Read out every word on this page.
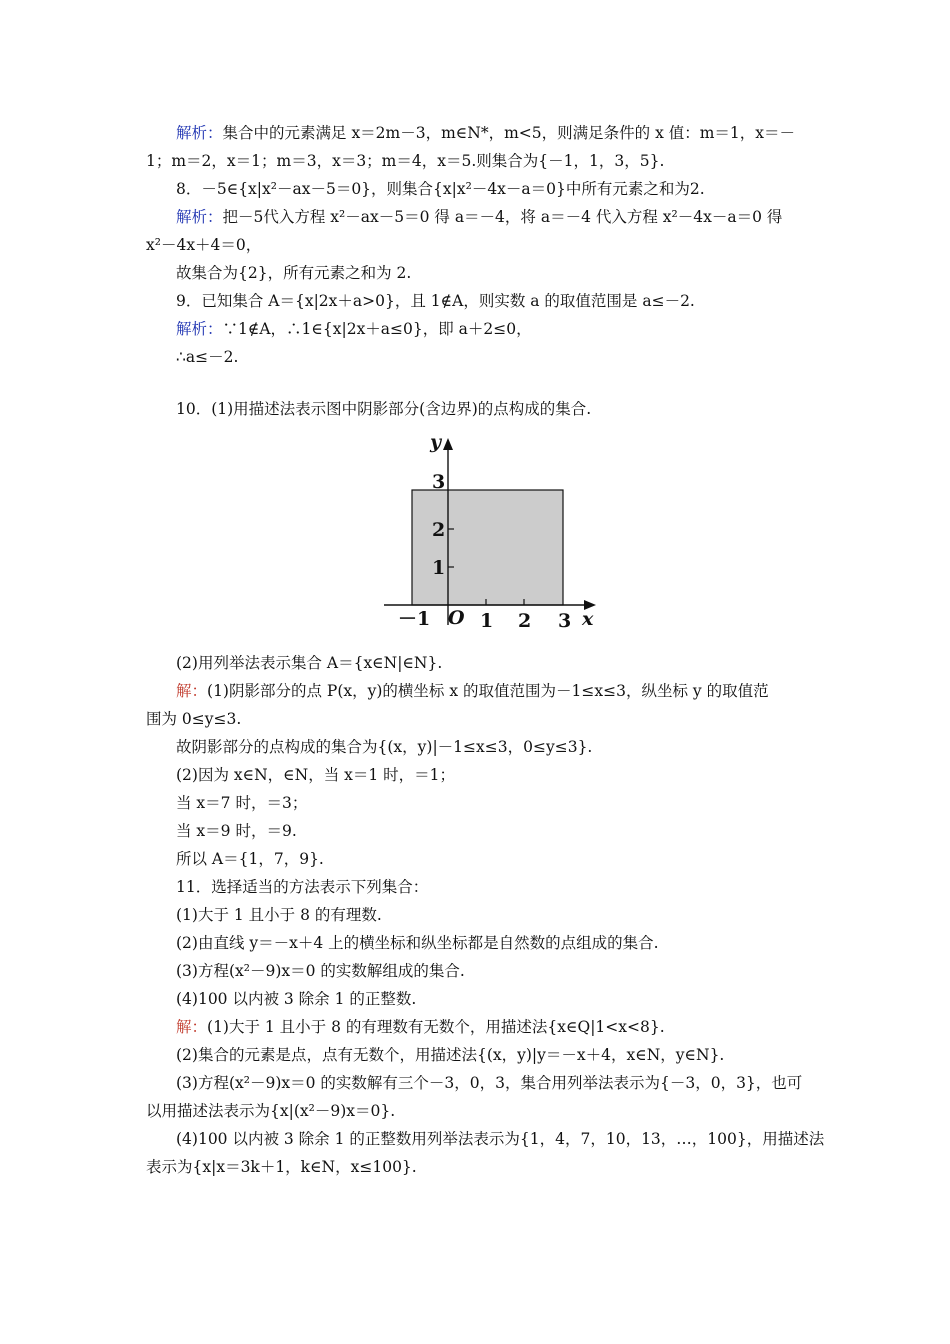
解析：集合中的元素满足 x＝2m－3，m∈N*，m<5，则满足条件的 x 值：m＝1，x＝－
1；m＝2，x＝1；m＝3，x＝3；m＝4，x＝5.则集合为{－1，1，3，5}.
8．－5∈{x|x²－ax－5＝0}，则集合{x|x²－4x－a＝0}中所有元素之和为2.
解析：把－5代入方程 x²－ax－5＝0 得 a＝－4，将 a＝－4 代入方程 x²－4x－a＝0 得
x²－4x＋4＝0，
故集合为{2}，所有元素之和为 2.
9．已知集合 A＝{x|2x＋a>0}，且 1∉A，则实数 a 的取值范围是 a≤－2.
解析：∵1∉A，∴1∈{x|2x＋a≤0}，即 a＋2≤0，
∴a≤－2.
10．(1)用描述法表示图中阴影部分(含边界)的点构成的集合.
y
x
O
－1	1 2 3
1
2
3
(2)用列举法表示集合 A＝{x∈N|∈N}.
解：(1)阴影部分的点 P(x，y)的横坐标 x 的取值范围为－1≤x≤3，纵坐标 y 的取值范
围为 0≤y≤3.
故阴影部分的点构成的集合为{(x，y)|－1≤x≤3，0≤y≤3}.
(2)因为 x∈N，∈N，当 x＝1 时，＝1；
当 x＝7 时，＝3；
当 x＝9 时，＝9.
所以 A＝{1，7，9}.
11．选择适当的方法表示下列集合：
(1)大于 1 且小于 8 的有理数.
(2)由直线 y＝－x＋4 上的横坐标和纵坐标都是自然数的点组成的集合.
(3)方程(x²－9)x＝0 的实数解组成的集合.
(4)100 以内被 3 除余 1 的正整数.
解：(1)大于 1 且小于 8 的有理数有无数个，用描述法{x∈Q|1<x<8}.
(2)集合的元素是点，点有无数个，用描述法{(x，y)|y＝－x＋4，x∈N，y∈N}.
(3)方程(x²－9)x＝0 的实数解有三个－3，0，3，集合用列举法表示为{－3，0，3}，也可
以用描述法表示为{x|(x²－9)x＝0}.
(4)100 以内被 3 除余 1 的正整数用列举法表示为{1，4，7，10，13，…，100}，用描述法
表示为{x|x＝3k＋1，k∈N，x≤100}.
